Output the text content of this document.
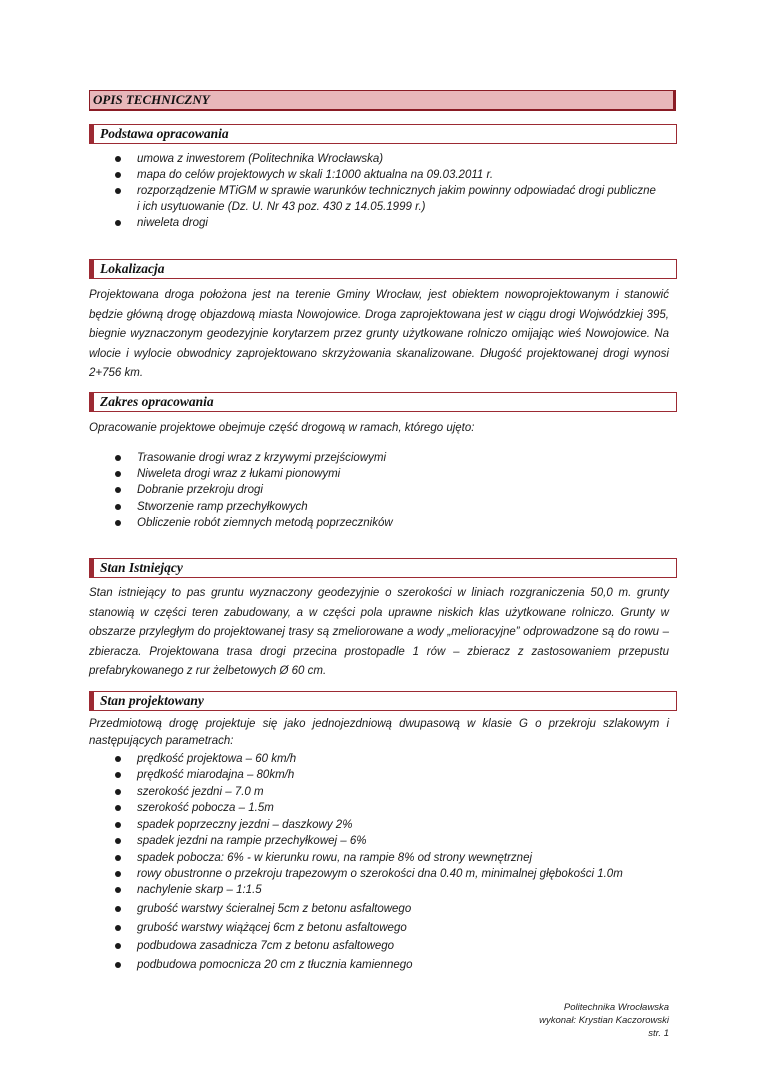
OPIS TECHNICZNY
Podstawa opracowania
umowa z inwestorem (Politechnika Wrocławska)
mapa do celów projektowych w skali 1:1000 aktualna na 09.03.2011 r.
rozporządzenie MTiGM w sprawie warunków technicznych jakim powinny odpowiadać drogi publiczne
i ich usytuowanie (Dz. U. Nr 43 poz. 430 z 14.05.1999 r.)
niweleta drogi
Lokalizacja
Projektowana droga położona jest na terenie Gminy Wrocław, jest obiektem nowoprojektowanym i stanowić będzie główną drogę objazdową miasta Nowojowice. Droga zaprojektowana jest w ciągu drogi Wojwódzkiej 395, biegnie wyznaczonym geodezyjnie korytarzem przez grunty użytkowane rolniczo omijając wieś Nowojowice. Na wlocie i wylocie obwodnicy zaprojektowano skrzyżowania skanalizowane. Długość projektowanej drogi wynosi 2+756 km.
Zakres opracowania
Opracowanie projektowe obejmuje część drogową w ramach, którego ujęto:
Trasowanie drogi wraz z krzywymi przejściowymi
Niweleta drogi wraz z łukami pionowymi
Dobranie przekroju drogi
Stworzenie ramp przechyłkowych
Obliczenie robót ziemnych metodą poprzeczników
Stan Istniejący
Stan istniejący to pas gruntu wyznaczony geodezyjnie o szerokości w liniach rozgraniczenia 50,0 m. grunty stanowią w części teren zabudowany, a w części pola uprawne niskich klas użytkowane rolniczo. Grunty w obszarze przyległym do projektowanej trasy są zmeliorowane a wody „melioracyjne” odprowadzone są do rowu – zbieracza. Projektowana trasa drogi przecina prostopadle 1 rów – zbieracz z zastosowaniem przepustu prefabrykowanego z rur żelbetowych Ø 60 cm.
Stan projektowany
Przedmiotową drogę projektuje się jako jednojezdniową dwupasową w klasie G o przekroju szlakowym i następujących parametrach:
prędkość projektowa – 60 km/h
prędkość miarodajna – 80km/h
szerokość jezdni – 7.0 m
szerokość pobocza – 1.5m
spadek poprzeczny jezdni – daszkowy 2%
spadek jezdni na rampie przechyłkowej – 6%
spadek pobocza: 6% - w kierunku rowu, na rampie 8% od strony wewnętrznej
rowy obustronne o przekroju trapezowym o szerokości dna 0.40 m, minimalnej głębokości 1.0m
nachylenie skarp – 1:1.5
grubość warstwy ścieralnej 5cm z betonu asfaltowego
grubość warstwy wiążącej 6cm z betonu asfaltowego
podbudowa zasadnicza 7cm z betonu asfaltowego
podbudowa pomocnicza 20 cm z tłucznia kamiennego
Politechnika Wrocławska
wykonał: Krystian Kaczorowski
str. 1
